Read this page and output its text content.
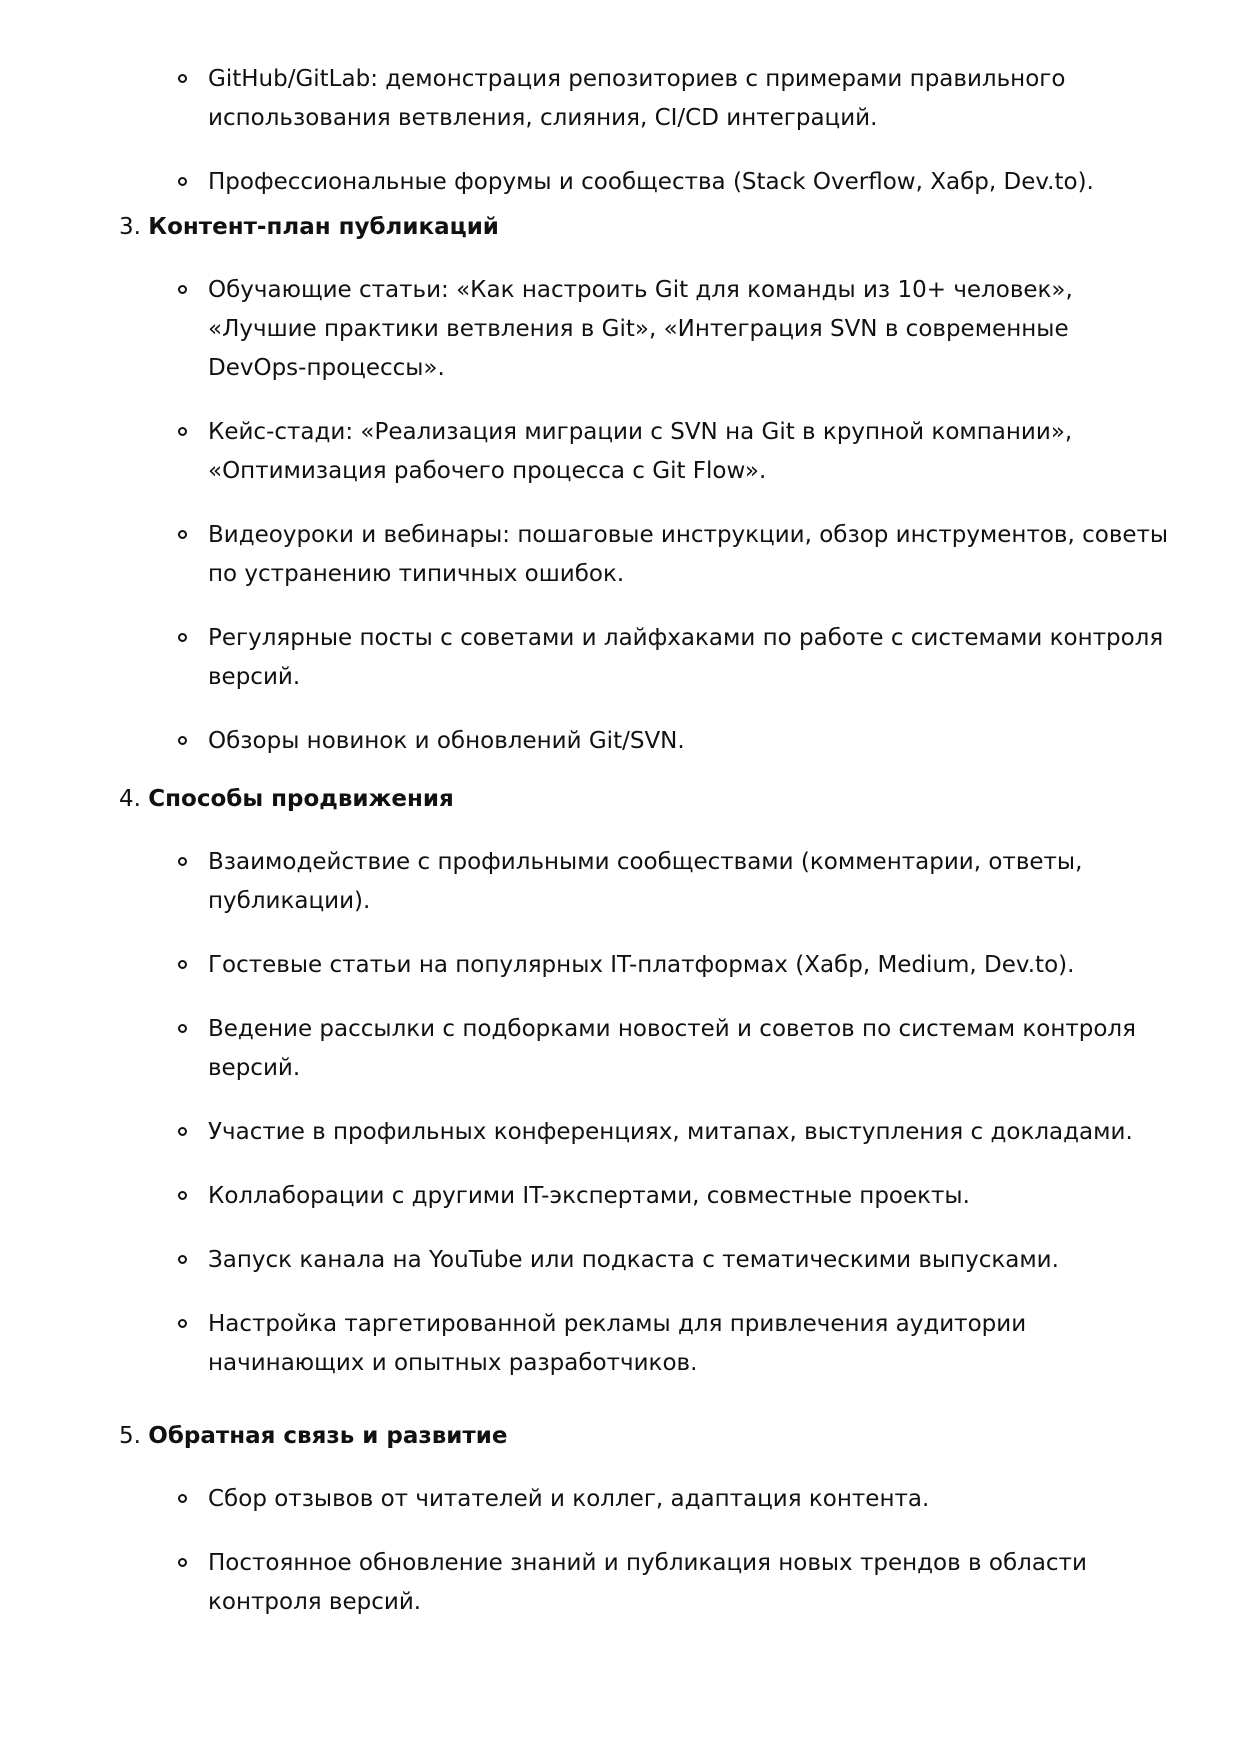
GitHub/GitLab: демонстрация репозиториев с примерами правильного использования ветвления, слияния, CI/CD интеграций.
Профессиональные форумы и сообщества (Stack Overflow, Хабр, Dev.to).
3. Контент-план публикаций
Обучающие статьи: «Как настроить Git для команды из 10+ человек», «Лучшие практики ветвления в Git», «Интеграция SVN в современные DevOps-процессы».
Кейс-стади: «Реализация миграции с SVN на Git в крупной компании», «Оптимизация рабочего процесса с Git Flow».
Видеоуроки и вебинары: пошаговые инструкции, обзор инструментов, советы по устранению типичных ошибок.
Регулярные посты с советами и лайфхаками по работе с системами контроля версий.
Обзоры новинок и обновлений Git/SVN.
4. Способы продвижения
Взаимодействие с профильными сообществами (комментарии, ответы, публикации).
Гостевые статьи на популярных IT-платформах (Хабр, Medium, Dev.to).
Ведение рассылки с подборками новостей и советов по системам контроля версий.
Участие в профильных конференциях, митапах, выступления с докладами.
Коллаборации с другими IT-экспертами, совместные проекты.
Запуск канала на YouTube или подкаста с тематическими выпусками.
Настройка таргетированной рекламы для привлечения аудитории начинающих и опытных разработчиков.
5. Обратная связь и развитие
Сбор отзывов от читателей и коллег, адаптация контента.
Постоянное обновление знаний и публикация новых трендов в области контроля версий.
